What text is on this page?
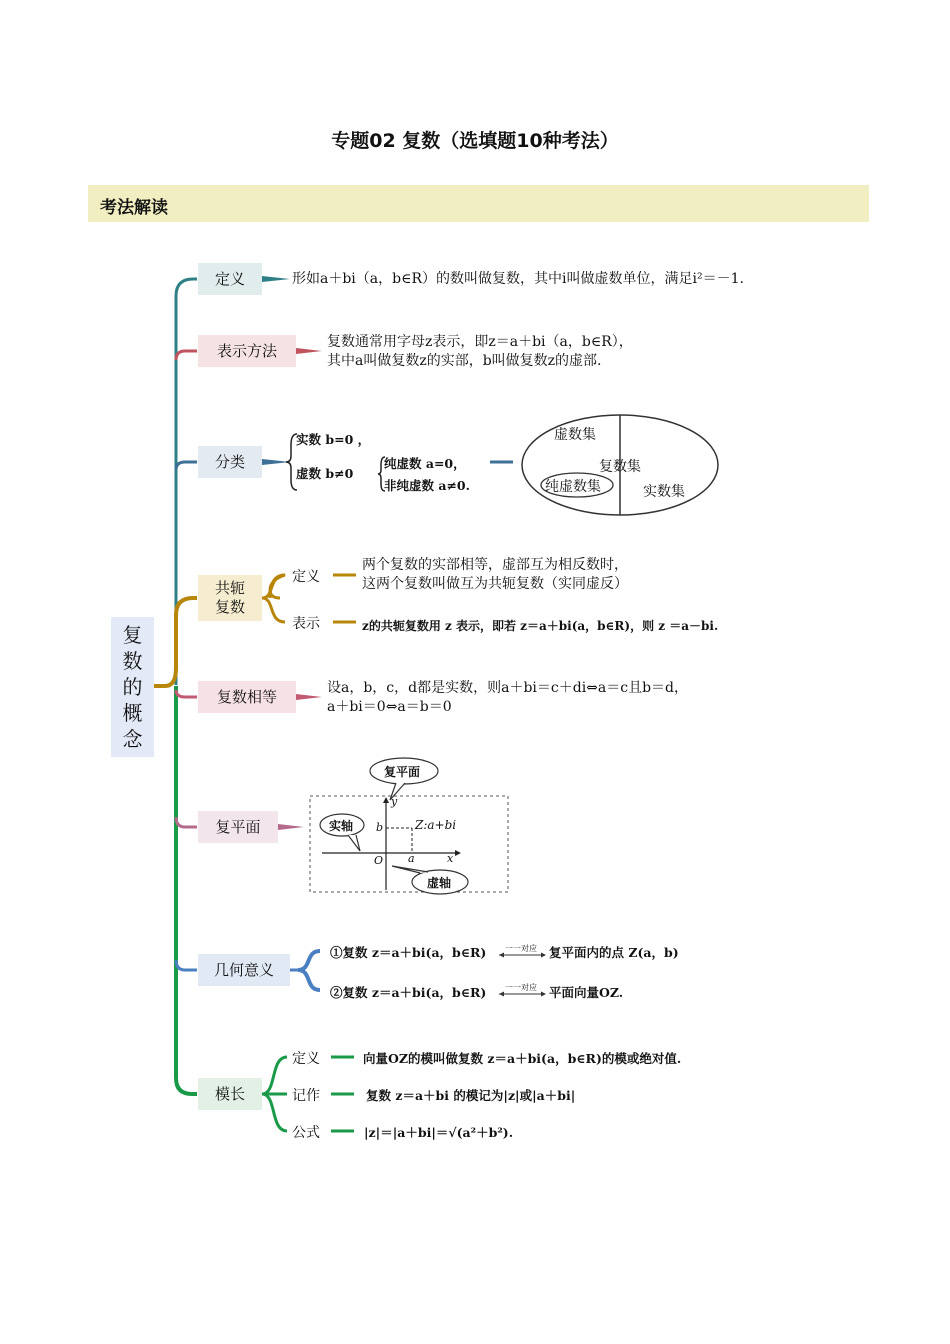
专题02 复数（选填题10种考法）
考法解读
复
数
的
概
念
定义	形如a＋bi（a，b∈R）的数叫做复数，其中i叫做虚数单位，满足i²＝－1.
表示方法	复数通常用字母z表示，即z＝a＋bi（a，b∈R），
其中a叫做复数z的实部，b叫做复数z的虚部.
分类
实数 b=0 ，
虚数 b≠0
纯虚数 a=0，
非纯虚数 a≠0.
虚数集
复数集
纯虚数集	实数集
共轭
复数
定义
两个复数的实部相等，虚部互为相反数时，
这两个复数叫做互为共轭复数（实同虚反）
表示	z的共轭复数用 z 表示，即若 z＝a＋bi(a，b∈R)，则 z ＝a－bi.
复数相等	设a，b，c，d都是实数，则a＋bi＝c＋di⇔a＝c且b＝d，
a＋bi＝0⇔a＝b＝0
复平面
复平面
实轴
虚轴
Z:a+bi
y
x
O a
b
几何意义
①复数 z＝a＋bi(a，b∈R) 一一对应 复平面内的点 Z(a，b)
②复数 z＝a＋bi(a，b∈R) 一一对应 平面向量OZ.
模长
定义	向量OZ的模叫做复数 z＝a＋bi(a，b∈R)的模或绝对值.
记作	复数 z＝a＋bi 的模记为|z|或|a＋bi|
公式	|z|＝|a＋bi|＝√(a²＋b²).
